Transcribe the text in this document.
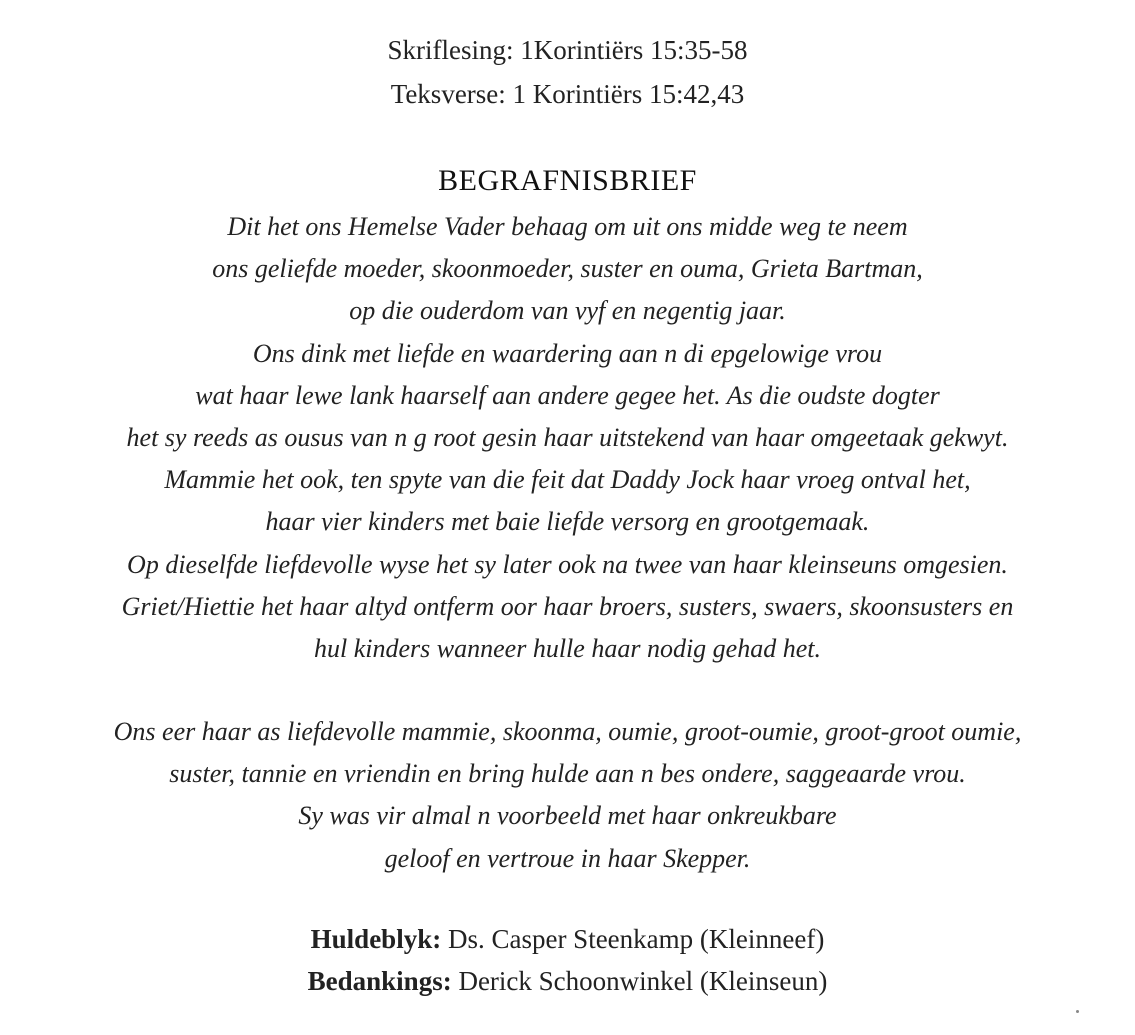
Skriflesing: 1Korintiërs 15:35-58
Teksverse: 1 Korintiërs 15:42,43
BEGRAFNISBRIEF
Dit het ons Hemelse Vader behaag om uit ons midde weg te neem
ons geliefde moeder, skoonmoeder, suster en ouma, Grieta Bartman,
op die ouderdom van vyf en negentig jaar.
Ons dink met liefde en waardering aan n di epgelowige vrou
wat haar lewe lank haarself aan andere gegee het. As die oudste dogter
het sy reeds as ousus van n g root gesin haar uitstekend van haar omgeetaak gekwyt.
Mammie het ook, ten spyte van die feit dat Daddy Jock haar vroeg ontval het,
haar vier kinders met baie liefde versorg en grootgemaak.
Op dieselfde liefdevolle wyse het sy later ook na twee van haar kleinseuns omgesien.
Griet/Hiettie het haar altyd ontferm oor haar broers, susters, swaers, skoonsusters en
hul kinders wanneer hulle haar nodig gehad het.
Ons eer haar as liefdevolle mammie, skoonma, oumie, groot-oumie, groot-groot oumie,
suster, tannie en vriendin en bring hulde aan n bes ondere, saggeaarde vrou.
Sy was vir almal n voorbeeld met haar onkreukbare
geloof en vertroue in haar Skepper.
Huldeblyk: Ds. Casper Steenkamp (Kleinneef)
Bedankings: Derick Schoonwinkel (Kleinseun)
